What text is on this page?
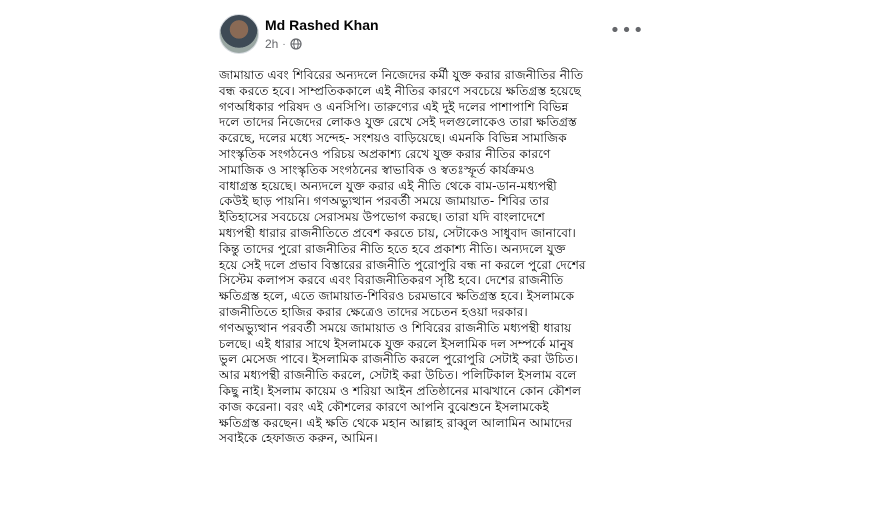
Md Rashed Khan
2h ·
•••

জামায়াত এবং শিবিরের অন্যদলে নিজেদের কর্মী যুক্ত করার রাজনীতির নীতি
বন্ধ করতে হবে। সাম্প্রতিককালে এই নীতির কারণে সবচেয়ে ক্ষতিগ্রস্ত হয়েছে
গণঅধিকার পরিষদ ও এনসিপি। তারুণ্যের এই দুই দলের পাশাপাশি বিভিন্ন
দলে তাদের নিজেদের লোকও যুক্ত রেখে সেই দলগুলোকেও তারা ক্ষতিগ্রস্ত
করেছে, দলের মধ্যে সন্দেহ- সংশয়ও বাড়িয়েছে। এমনকি বিভিন্ন সামাজিক
সাংস্কৃতিক সংগঠনেও পরিচয় অপ্রকাশ্য রেখে যুক্ত করার নীতির কারণে
সামাজিক ও সাংস্কৃতিক সংগঠনের স্বাভাবিক ও স্বতঃস্ফূর্ত কার্যক্রমও
বাধাগ্রস্ত হয়েছে। অন্যদলে যুক্ত করার এই নীতি থেকে বাম-ডান-মধ্যপন্থী
কেউই ছাড় পায়নি। গণঅভ্যুত্থান পরবর্তী সময়ে জামায়াত- শিবির তার
ইতিহাসের সবচেয়ে সেরাসময় উপভোগ করছে। তারা যদি বাংলাদেশে
মধ্যপন্থী ধারার রাজনীতিতে প্রবেশ করতে চায়, সেটাকেও সাধুবাদ জানাবো।
কিন্তু তাদের পুরো রাজনীতির নীতি হতে হবে প্রকাশ্য নীতি। অন্যদলে যুক্ত
হয়ে সেই দলে প্রভাব বিস্তারের রাজনীতি পুরোপুরি বন্ধ না করলে পুরো দেশের
সিস্টেম কলাপস করবে এবং বিরাজনীতিকরণ সৃষ্টি হবে। দেশের রাজনীতি
ক্ষতিগ্রস্ত হলে, এতে জামায়াত-শিবিরও চরমভাবে ক্ষতিগ্রস্ত হবে। ইসলামকে
রাজনীতিতে হাজির করার ক্ষেত্রেও তাদের সচেতন হওয়া দরকার।
গণঅভ্যুত্থান পরবর্তী সময়ে জামায়াত ও শিবিরের রাজনীতি মধ্যপন্থী ধারায়
চলছে। এই ধারার সাথে ইসলামকে যুক্ত করলে ইসলামিক দল সম্পর্কে মানুষ
ভুল মেসেজ পাবে। ইসলামিক রাজনীতি করলে পুরোপুরি সেটাই করা উচিত।
আর মধ্যপন্থী রাজনীতি করলে, সেটাই করা উচিত। পলিটিকাল ইসলাম বলে
কিছু নাই। ইসলাম কায়েম ও শরিয়া আইন প্রতিষ্ঠানের মাঝখানে কোন কৌশল
কাজ করেনা। বরং এই কৌশলের কারণে আপনি বুঝেশুনে ইসলামকেই
ক্ষতিগ্রস্ত করছেন। এই ক্ষতি থেকে মহান আল্লাহ রাব্বুল আলামিন আমাদের
সবাইকে হেফাজত করুন, আমিন।
